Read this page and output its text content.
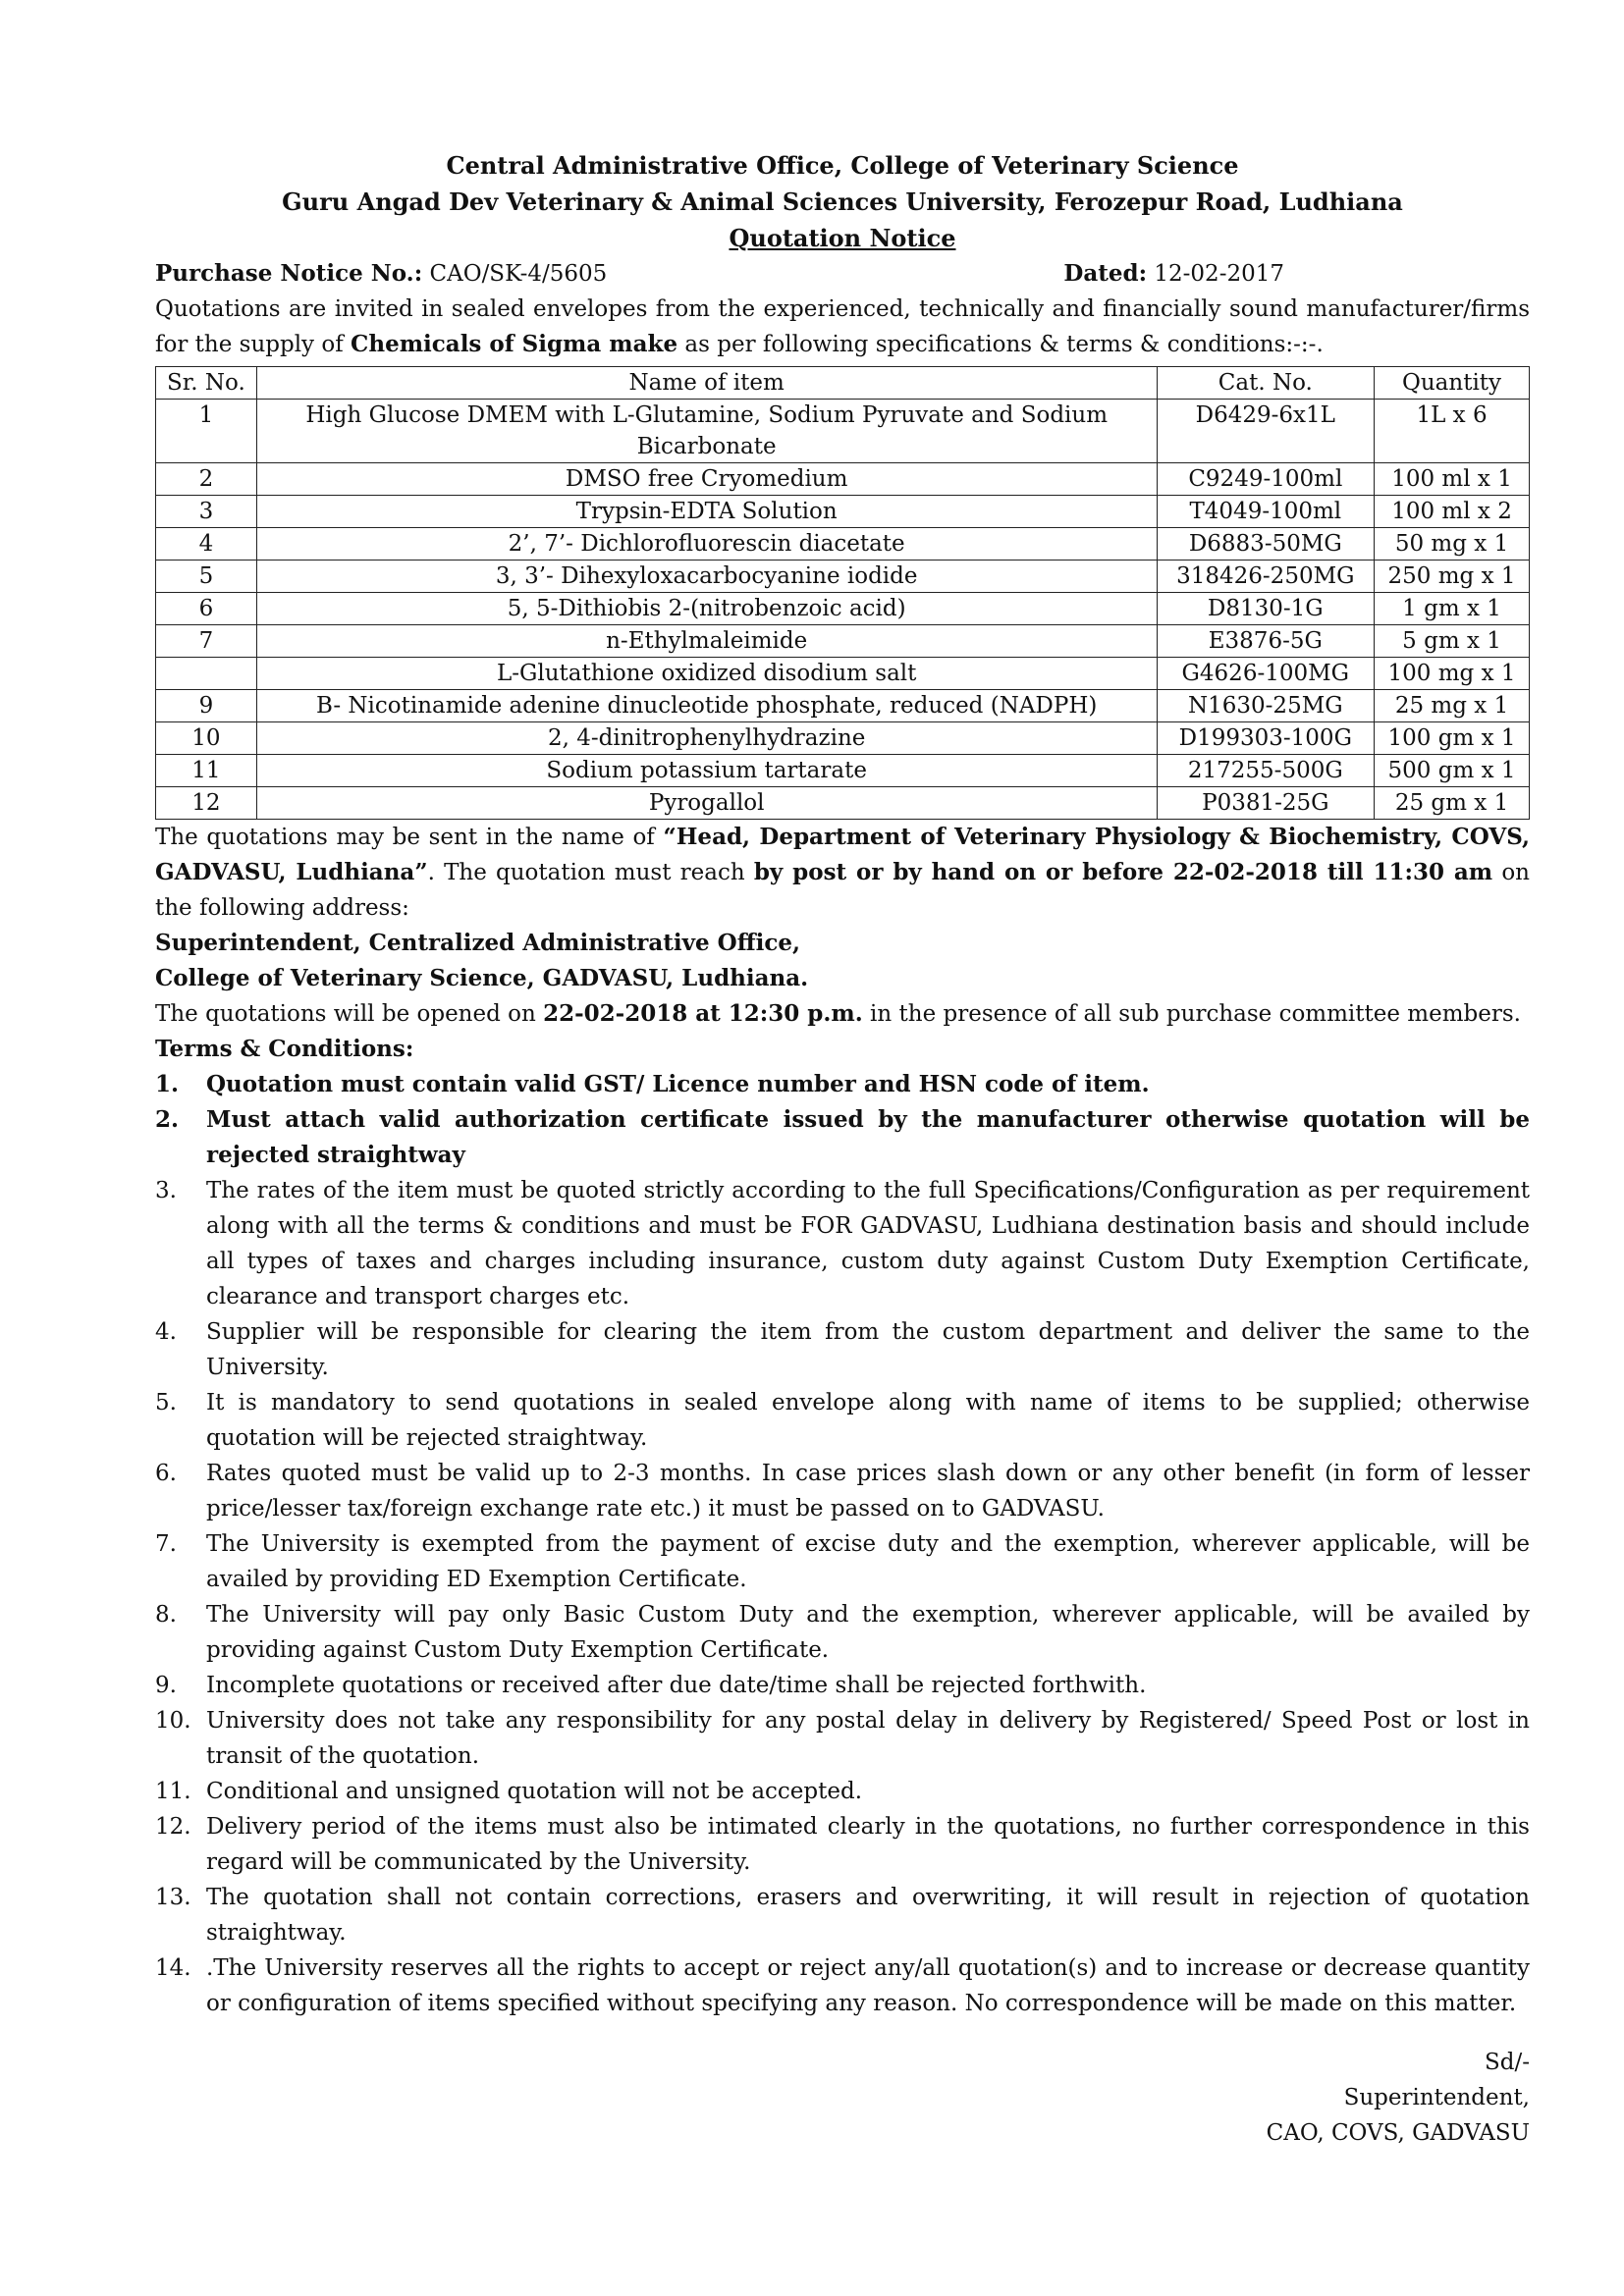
Central Administrative Office, College of Veterinary Science
Guru Angad Dev Veterinary & Animal Sciences University, Ferozepur Road, Ludhiana
Quotation Notice
Purchase Notice No.: CAO/SK-4/5605	Dated: 12-02-2017

Quotations are invited in sealed envelopes from the experienced, technically and financially sound manufacturer/firms for the supply of Chemicals of Sigma make as per following specifications & terms & conditions:-:-.

Sr. No.	Name of item	Cat. No.	Quantity
1	High Glucose DMEM with L-Glutamine, Sodium Pyruvate and Sodium Bicarbonate	D6429-6x1L	1L x 6
2	DMSO free Cryomedium	C9249-100ml	100 ml x 1
3	Trypsin-EDTA Solution	T4049-100ml	100 ml x 2
4	2’, 7’- Dichlorofluorescin diacetate	D6883-50MG	50 mg x 1
5	3, 3’- Dihexyloxacarbocyanine iodide	318426-250MG	250 mg x 1
6	5, 5-Dithiobis 2-(nitrobenzoic acid)	D8130-1G	1 gm x 1
7	n-Ethylmaleimide	E3876-5G	5 gm x 1
	L-Glutathione oxidized disodium salt	G4626-100MG	100 mg x 1
9	B- Nicotinamide adenine dinucleotide phosphate, reduced (NADPH)	N1630-25MG	25 mg x 1
10	2, 4-dinitrophenylhydrazine	D199303-100G	100 gm x 1
11	Sodium potassium tartarate	217255-500G	500 gm x 1
12	Pyrogallol	P0381-25G	25 gm x 1

The quotations may be sent in the name of “Head, Department of Veterinary Physiology & Biochemistry, COVS, GADVASU, Ludhiana”. The quotation must reach by post or by hand on or before 22-02-2018 till 11:30 am on the following address:

Superintendent, Centralized Administrative Office,

College of Veterinary Science, GADVASU, Ludhiana.

The quotations will be opened on 22-02-2018 at 12:30 p.m. in the presence of all sub purchase committee members.

Terms & Conditions:

1.	Quotation must contain valid GST/ Licence number and HSN code of item.
2.	Must attach valid authorization certificate issued by the manufacturer otherwise quotation will be rejected straightway
3.	The rates of the item must be quoted strictly according to the full Specifications/Configuration as per requirement along with all the terms & conditions and must be FOR GADVASU, Ludhiana destination basis and should include all types of taxes and charges including insurance, custom duty against Custom Duty Exemption Certificate, clearance and transport charges etc.
4.	Supplier will be responsible for clearing the item from the custom department and deliver the same to the University.
5.	It is mandatory to send quotations in sealed envelope along with name of items to be supplied; otherwise quotation will be rejected straightway.
6.	Rates quoted must be valid up to 2-3 months. In case prices slash down or any other benefit (in form of lesser price/lesser tax/foreign exchange rate etc.) it must be passed on to GADVASU.
7.	The University is exempted from the payment of excise duty and the exemption, wherever applicable, will be availed by providing ED Exemption Certificate.
8.	The University will pay only Basic Custom Duty and the exemption, wherever applicable, will be availed by providing against Custom Duty Exemption Certificate.
9.	Incomplete quotations or received after due date/time shall be rejected forthwith.
10. University does not take any responsibility for any postal delay in delivery by Registered/ Speed Post or lost in transit of the quotation.
11. Conditional and unsigned quotation will not be accepted.
12. Delivery period of the items must also be intimated clearly in the quotations, no further correspondence in this regard will be communicated by the University.
13. The quotation shall not contain corrections, erasers and overwriting, it will result in rejection of quotation straightway.
14. .The University reserves all the rights to accept or reject any/all quotation(s) and to increase or decrease quantity or configuration of items specified without specifying any reason. No correspondence will be made on this matter.
Sd/-
Superintendent,
CAO, COVS, GADVASU
